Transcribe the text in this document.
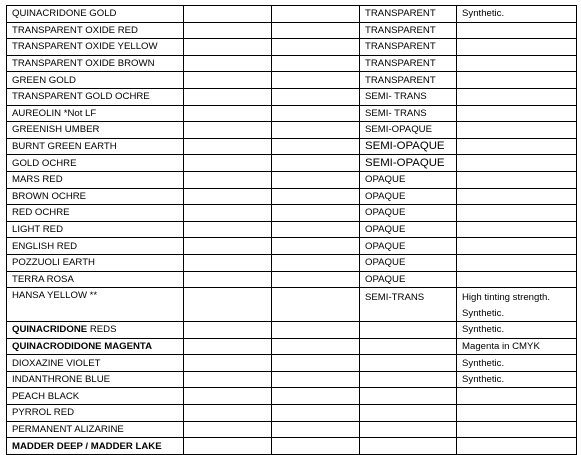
QUINACRIDONE GOLD			TRANSPARENT	Synthetic.
TRANSPARENT OXIDE RED			TRANSPARENT	
TRANSPARENT OXIDE YELLOW			TRANSPARENT	
TRANSPARENT OXIDE BROWN			TRANSPARENT	
GREEN GOLD			TRANSPARENT	
TRANSPARENT GOLD OCHRE			SEMI- TRANS	
AUREOLIN *Not LF			SEMI- TRANS	
GREENISH UMBER			SEMI-OPAQUE	
BURNT GREEN EARTH			SEMI-OPAQUE	
GOLD OCHRE			SEMI-OPAQUE	
MARS RED			OPAQUE	
BROWN OCHRE			OPAQUE	
RED OCHRE			OPAQUE	
LIGHT RED			OPAQUE	
ENGLISH RED			OPAQUE	
POZZUOLI EARTH			OPAQUE	
TERRA ROSA			OPAQUE	
HANSA YELLOW **			SEMI-TRANS	High tinting strength. Synthetic.
QUINACRIDONE REDS				Synthetic.
QUINACRODIDONE MAGENTA				Magenta in CMYK
DIOXAZINE VIOLET				Synthetic.
INDANTHRONE BLUE				Synthetic.
PEACH BLACK				
PYRROL RED				
PERMANENT ALIZARINE				
MADDER DEEP / MADDER LAKE				
